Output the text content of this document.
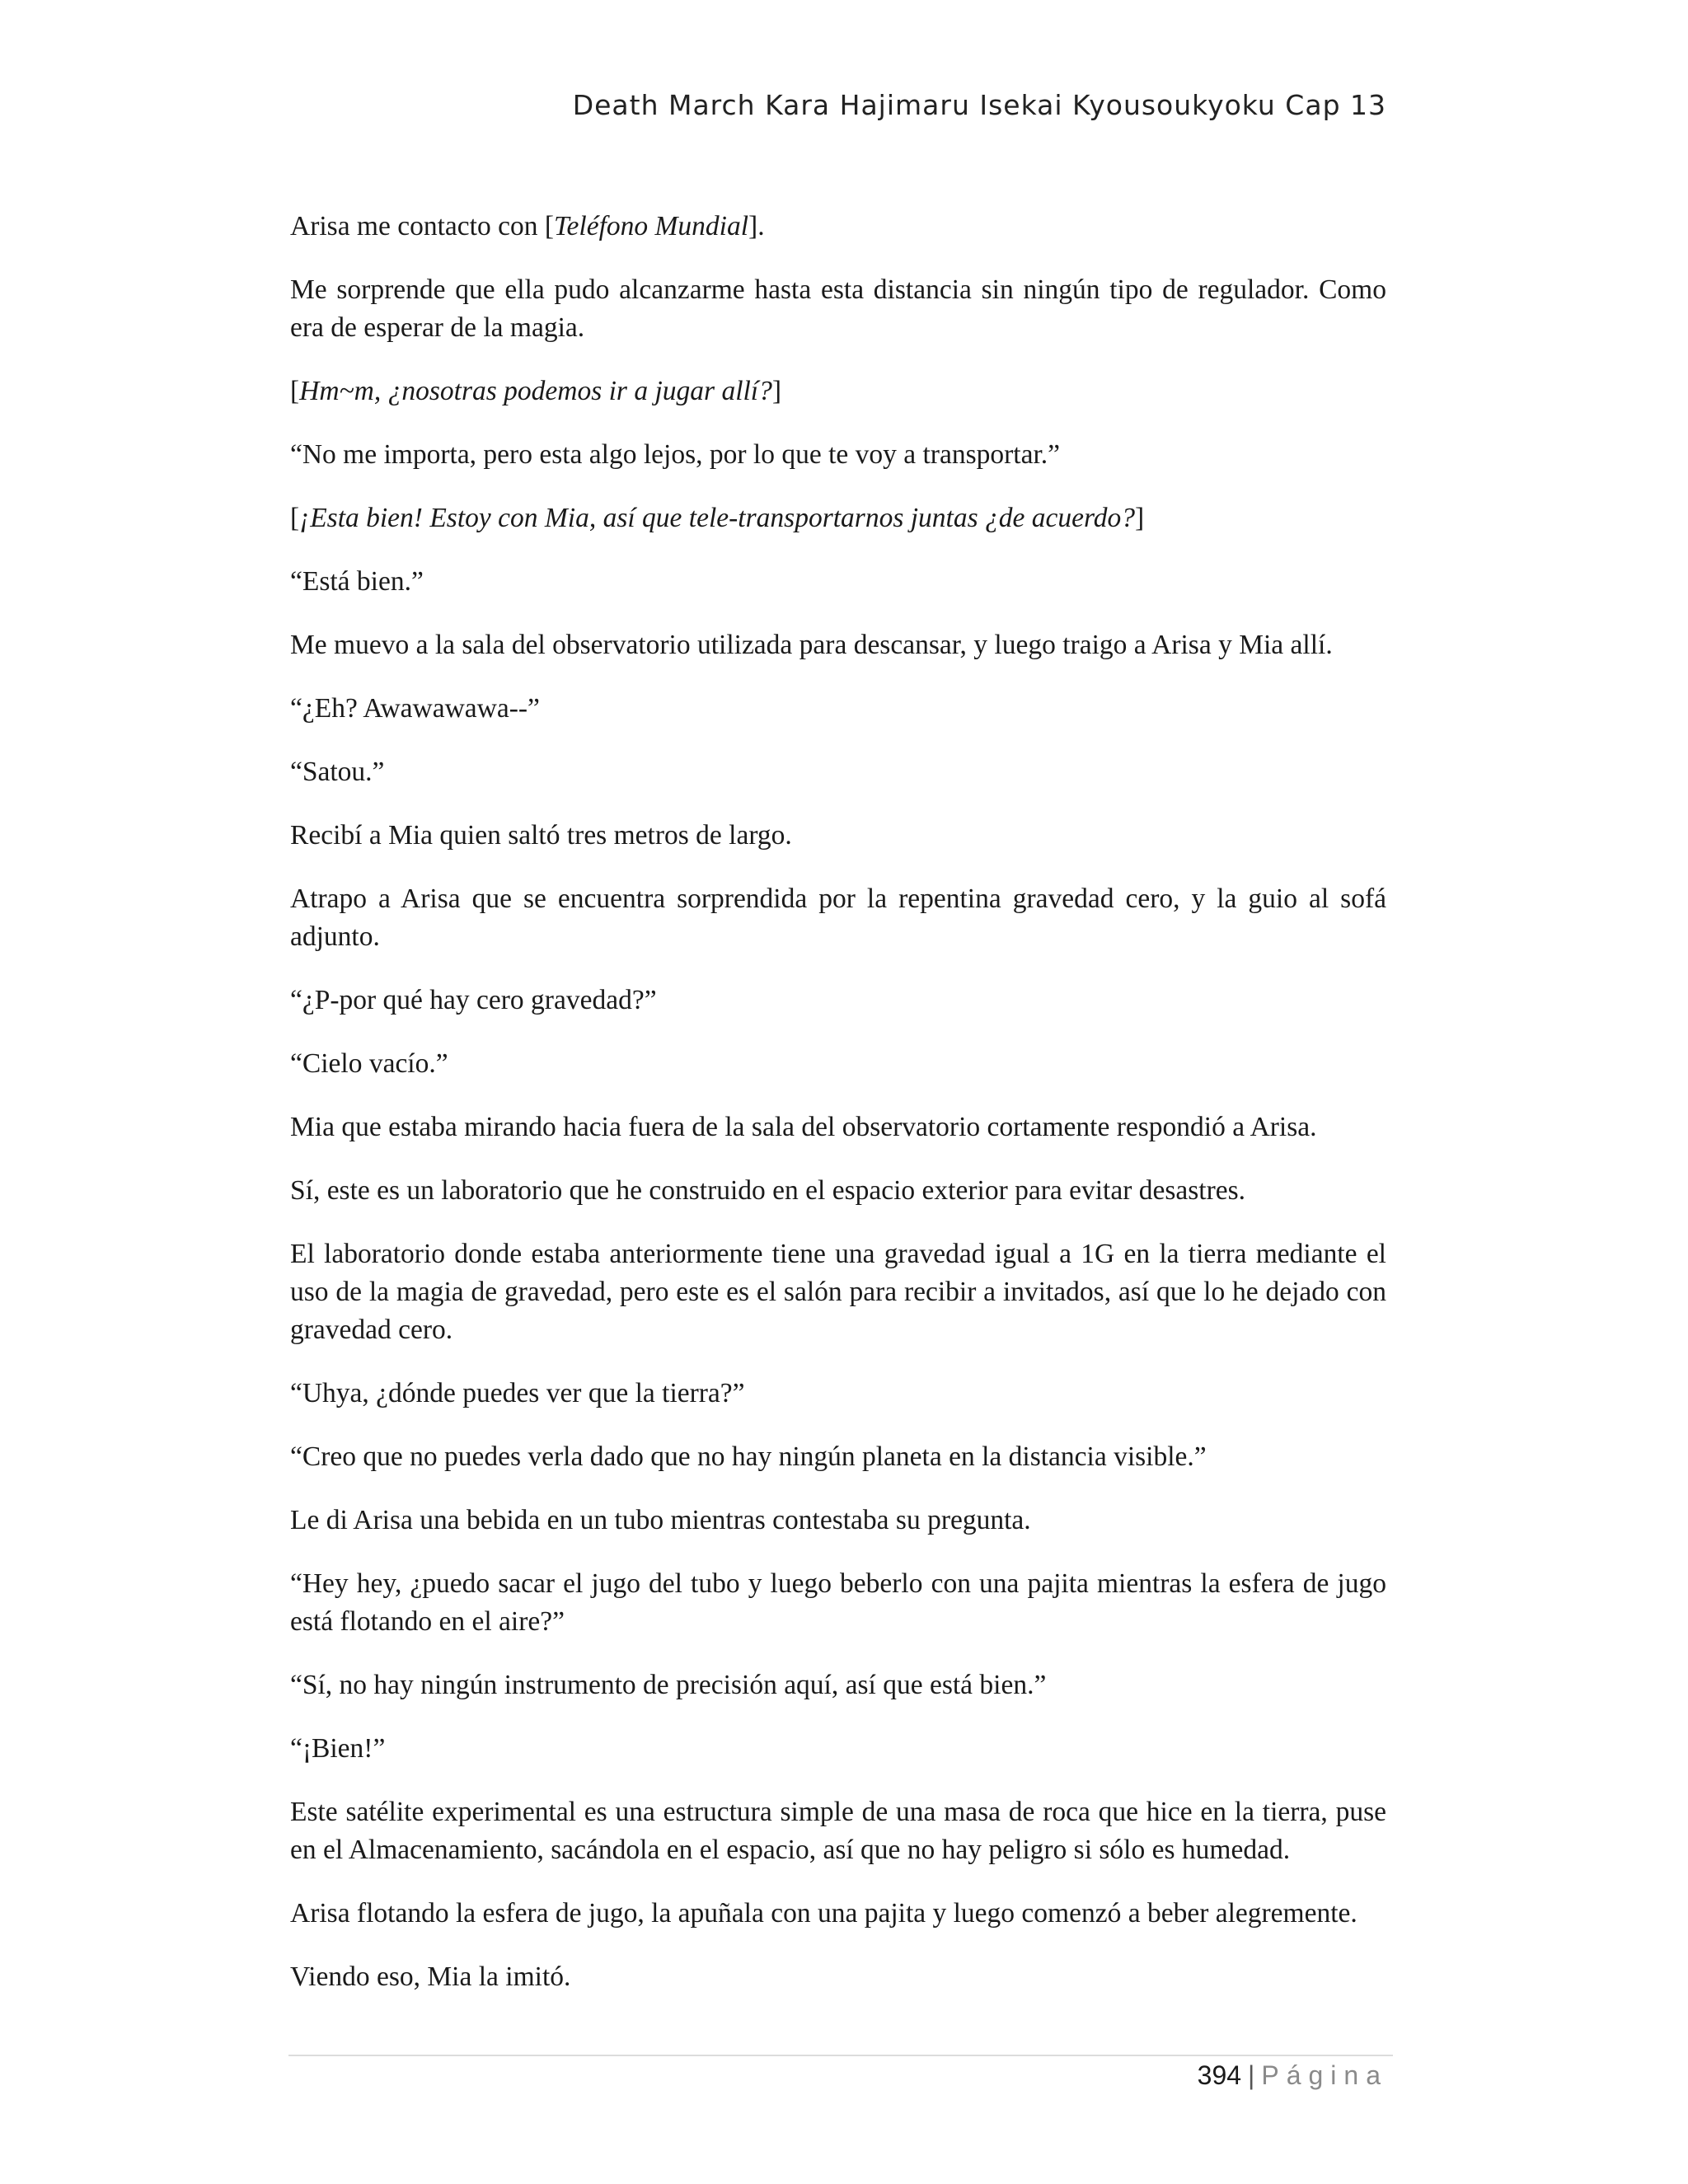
Death March Kara Hajimaru Isekai Kyousoukyoku Cap 13

Arisa me contacto con [Teléfono Mundial].

Me sorprende que ella pudo alcanzarme hasta esta distancia sin ningún tipo de regulador. Como era de esperar de la magia.

[Hm~m, ¿nosotras podemos ir a jugar allí?]

“No me importa, pero esta algo lejos, por lo que te voy a transportar.”

[¡Esta bien! Estoy con Mia, así que tele-transportarnos juntas ¿de acuerdo?]

“Está bien.”

Me muevo a la sala del observatorio utilizada para descansar, y luego traigo a Arisa y Mia allí.

“¿Eh? Awawawawa--”

“Satou.”

Recibí a Mia quien saltó tres metros de largo.

Atrapo a Arisa que se encuentra sorprendida por la repentina gravedad cero, y la guio al sofá adjunto.

“¿P-por qué hay cero gravedad?”

“Cielo vacío.”

Mia que estaba mirando hacia fuera de la sala del observatorio cortamente respondió a Arisa.

Sí, este es un laboratorio que he construido en el espacio exterior para evitar desastres.

El laboratorio donde estaba anteriormente tiene una gravedad igual a 1G en la tierra mediante el uso de la magia de gravedad, pero este es el salón para recibir a invitados, así que lo he dejado con gravedad cero.

“Uhya, ¿dónde puedes ver que la tierra?”

“Creo que no puedes verla dado que no hay ningún planeta en la distancia visible.”

Le di Arisa una bebida en un tubo mientras contestaba su pregunta.

“Hey hey, ¿puedo sacar el jugo del tubo y luego beberlo con una pajita mientras la esfera de jugo está flotando en el aire?”

“Sí, no hay ningún instrumento de precisión aquí, así que está bien.”

“¡Bien!”

Este satélite experimental es una estructura simple de una masa de roca que hice en la tierra, puse en el Almacenamiento, sacándola en el espacio, así que no hay peligro si sólo es humedad.

Arisa flotando la esfera de jugo, la apuñala con una pajita y luego comenzó a beber alegremente.

Viendo eso, Mia la imitó.

394 | Página
